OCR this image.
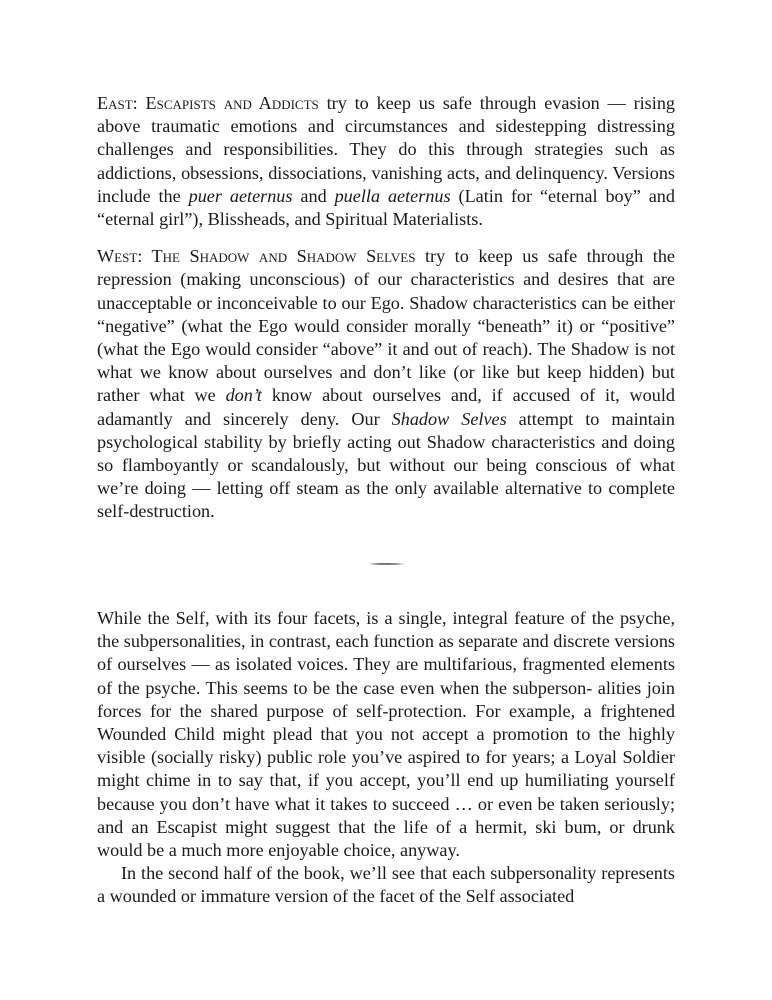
East: Escapists and Addicts try to keep us safe through evasion — rising above traumatic emotions and circumstances and sidestepping distressing challenges and responsibilities. They do this through strategies such as addictions, obsessions, dissociations, vanishing acts, and delinquency. Versions include the puer aeternus and puella aeternus (Latin for “eternal boy” and “eternal girl”), Blissheads, and Spiritual Materialists.

West: The Shadow and Shadow Selves try to keep us safe through the repression (making unconscious) of our characteristics and desires that are unacceptable or inconceivable to our Ego. Shadow characteristics can be either “negative” (what the Ego would consider morally “beneath” it) or “positive” (what the Ego would consider “above” it and out of reach). The Shadow is not what we know about ourselves and don’t like (or like but keep hidden) but rather what we don’t know about ourselves and, if accused of it, would adamantly and sincerely deny. Our Shadow Selves attempt to maintain psychological stability by briefly acting out Shadow characteristics and doing so flamboyantly or scandalously, but without our being conscious of what we’re doing — letting off steam as the only available alternative to complete self-destruction.

While the Self, with its four facets, is a single, integral feature of the psyche, the subpersonalities, in contrast, each function as separate and discrete versions of ourselves — as isolated voices. They are multifarious, fragmented elements of the psyche. This seems to be the case even when the subperson- alities join forces for the shared purpose of self-protection. For example, a frightened Wounded Child might plead that you not accept a promotion to the highly visible (socially risky) public role you’ve aspired to for years; a Loyal Soldier might chime in to say that, if you accept, you’ll end up humiliating yourself because you don’t have what it takes to succeed … or even be taken seriously; and an Escapist might suggest that the life of a hermit, ski bum, or drunk would be a much more enjoyable choice, anyway.

In the second half of the book, we’ll see that each subpersonality represents a wounded or immature version of the facet of the Self associated
